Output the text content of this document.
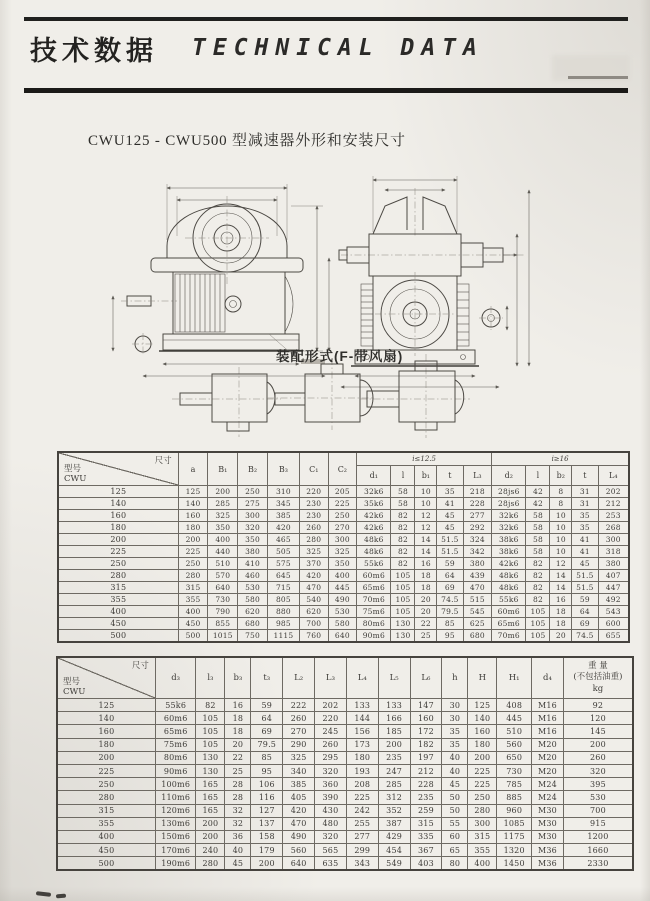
技术数据 TECHNICAL DATA
CWU125 - CWU500 型减速器外形和安装尺寸
装配形式(F-带风扇)
尺寸
型号
CWU	a	B₁	B₂	B₃	C₁	C₂	i≤12.5					i≥16				
							d₁	l	b₁	t	L₃	d₂	l	b₂	t	L₄
125	125	200	250	310	220	205	32k6	58	10	35	218	28js6	42	8	31	202
140	140	285	275	345	230	225	35k6	58	10	41	228	28js6	42	8	31	212
160	160	325	300	385	230	250	42k6	82	12	45	277	32k6	58	10	35	253
180	180	350	320	420	260	270	42k6	82	12	45	292	32k6	58	10	35	268
200	200	400	350	465	280	300	48k6	82	14	51.5	324	38k6	58	10	41	300
225	225	440	380	505	325	325	48k6	82	14	51.5	342	38k6	58	10	41	318
250	250	510	410	575	370	350	55k6	82	16	59	380	42k6	82	12	45	380
280	280	570	460	645	420	400	60m6	105	18	64	439	48k6	82	14	51.5	407
315	315	640	530	715	470	445	65m6	105	18	69	470	48k6	82	14	51.5	447
355	355	730	580	805	540	490	70m6	105	20	74.5	515	55k6	82	16	59	492
400	400	790	620	880	620	530	75m6	105	20	79.5	545	60m6	105	18	64	543
450	450	855	680	985	700	580	80m6	130	22	85	625	65m6	105	18	69	600
500	500	1015	750	1115	760	640	90m6	130	25	95	680	70m6	105	20	74.5	655
尺寸
型号
CWU	d₃	l₃	b₃	t₃	L₂	L₃	L₄	L₅	L₆	h	H	H₁	d₄	重 量
(不包括油重)
kg
125	55k6	82	16	59	222	202	133	133	147	30	125	408	M16	92
140	60m6	105	18	64	260	220	144	166	160	30	140	445	M16	120
160	65m6	105	18	69	270	245	156	185	172	35	160	510	M16	145
180	75m6	105	20	79.5	290	260	173	200	182	35	180	560	M20	200
200	80m6	130	22	85	325	295	180	235	197	40	200	650	M20	260
225	90m6	130	25	95	340	320	193	247	212	40	225	730	M20	320
250	100m6	165	28	106	385	360	208	285	228	45	225	785	M24	395
280	110m6	165	28	116	405	390	225	312	235	50	250	885	M24	530
315	120m6	165	32	127	420	430	242	352	259	50	280	960	M30	700
355	130m6	200	32	137	470	480	255	387	315	55	300	1085	M30	915
400	150m6	200	36	158	490	320	277	429	335	60	315	1175	M30	1200
450	170m6	240	40	179	560	565	299	454	367	65	355	1320	M36	1660
500	190m6	280	45	200	640	635	343	549	403	80	400	1450	M36	2330
